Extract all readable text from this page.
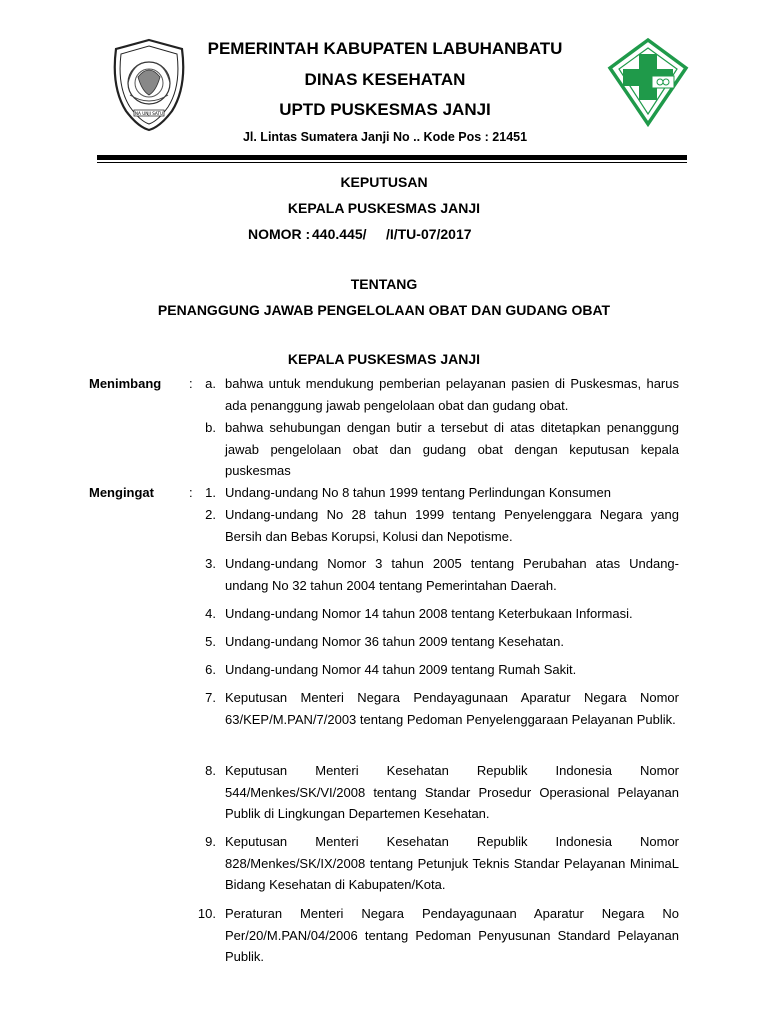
NA UNJI SATU
PEMERINTAH KABUPATEN LABUHANBATU
DINAS KESEHATAN
UPTD PUSKESMAS JANJI
Jl. Lintas Sumatera Janji No .. Kode Pos : 21451
KEPUTUSAN
KEPALA PUSKESMAS JANJI
NOMOR : 440.445/     /I/TU-07/2017
TENTANG
PENANGGUNG JAWAB PENGELOLAAN OBAT DAN GUDANG OBAT
KEPALA PUSKESMAS JANJI
Menimbang : a. bahwa untuk mendukung pemberian pelayanan pasien di Puskesmas, harus ada penanggung jawab pengelolaan obat dan gudang obat.
b. bahwa sehubungan dengan butir a tersebut di atas ditetapkan penanggung jawab pengelolaan obat dan gudang obat dengan keputusan kepala puskesmas
Mengingat	: 1. Undang-undang No 8 tahun 1999 tentang Perlindungan Konsumen
2. Undang-undang No 28 tahun 1999 tentang Penyelenggara Negara yang Bersih dan Bebas Korupsi, Kolusi dan Nepotisme.
3. Undang-undang Nomor 3 tahun 2005 tentang Perubahan atas Undang-undang No 32 tahun 2004 tentang Pemerintahan Daerah.
4. Undang-undang Nomor 14 tahun 2008 tentang Keterbukaan Informasi.
5. Undang-undang Nomor 36 tahun 2009 tentang Kesehatan.
6. Undang-undang Nomor 44 tahun 2009 tentang Rumah Sakit.
7. Keputusan Menteri Negara Pendayagunaan Aparatur Negara Nomor 63/KEP/M.PAN/7/2003 tentang Pedoman Penyelenggaraan Pelayanan Publik.
8. Keputusan Menteri Kesehatan Republik Indonesia Nomor 544/Menkes/SK/VI/2008 tentang Standar Prosedur Operasional Pelayanan Publik di Lingkungan Departemen Kesehatan.
9. Keputusan Menteri Kesehatan Republik Indonesia Nomor 828/Menkes/SK/IX/2008 tentang Petunjuk Teknis Standar Pelayanan MinimaL Bidang Kesehatan di Kabupaten/Kota.
10. Peraturan Menteri Negara Pendayagunaan Aparatur Negara No Per/20/M.PAN/04/2006 tentang Pedoman Penyusunan Standard Pelayanan Publik.
